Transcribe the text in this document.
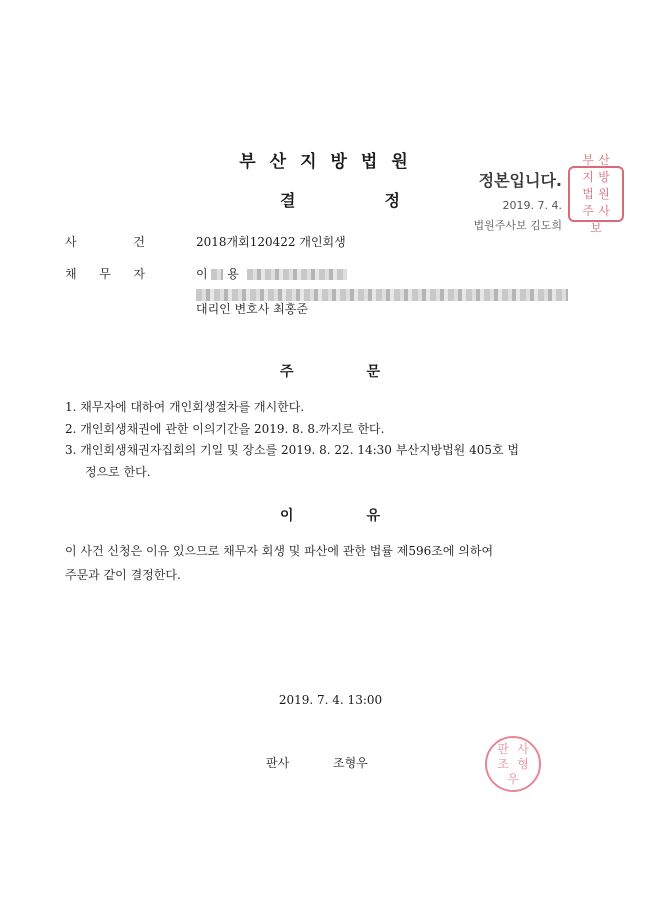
부산지방법원
결	정
정본입니다.
2019. 7. 4.
법원주사보 김도희
부 산
지 방
법 원
주 사
보
사	건	2018개회120422 개인회생
채 무 자	이 용
대리인 변호사 최홍준
주	문
1. 채무자에 대하여 개인회생절차를 개시한다.
2. 개인회생채권에 관한 이의기간을 2019. 8. 8.까지로 한다.
3. 개인회생채권자집회의 기일 및 장소를 2019. 8. 22. 14:30 부산지방법원 405호 법
정으로 한다.
이	유
이 사건 신청은 이유 있으므로 채무자 회생 및 파산에 관한 법률 제596조에 의하여
주문과 같이 결정한다.
2019. 7. 4. 13:00
판사	조형우
판 사
조 형
우
